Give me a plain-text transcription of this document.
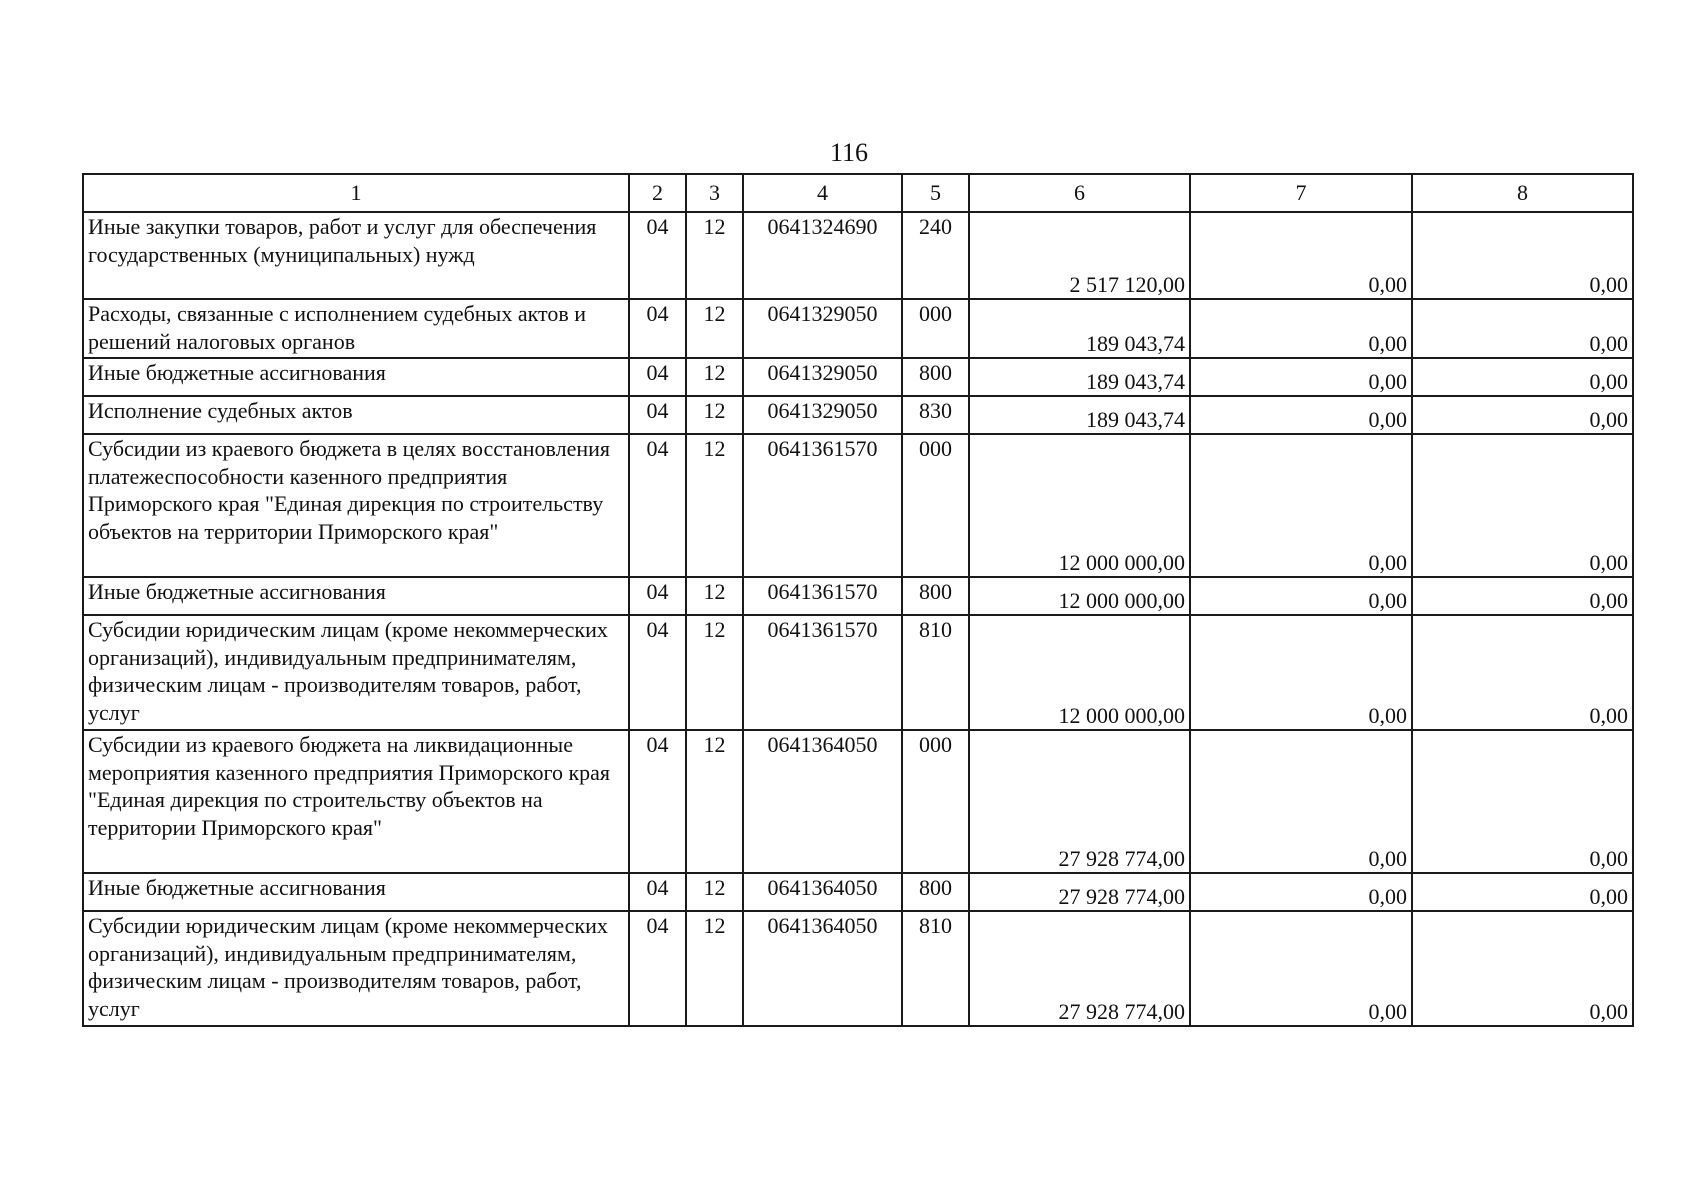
116
1	2	3	4	5	6	7	8
Иные закупки товаров, работ и услуг для обеспечения государственных (муниципальных) нужд	04	12	0641324690	240	2 517 120,00	0,00	0,00
Расходы, связанные с исполнением судебных актов и решений налоговых органов	04	12	0641329050	000	189 043,74	0,00	0,00
Иные бюджетные ассигнования	04	12	0641329050	800	189 043,74	0,00	0,00
Исполнение судебных актов	04	12	0641329050	830	189 043,74	0,00	0,00
Субсидии из краевого бюджета в целях восстановления платежеспособности казенного предприятия Приморского края "Единая дирекция по строительству объектов на территории Приморского края"	04	12	0641361570	000	12 000 000,00	0,00	0,00
Иные бюджетные ассигнования	04	12	0641361570	800	12 000 000,00	0,00	0,00
Субсидии юридическим лицам (кроме некоммерческих организаций), индивидуальным предпринимателям, физическим лицам - производителям товаров, работ, услуг	04	12	0641361570	810	12 000 000,00	0,00	0,00
Субсидии из краевого бюджета на ликвидационные мероприятия казенного предприятия Приморского края "Единая дирекция по строительству объектов на территории Приморского края"	04	12	0641364050	000	27 928 774,00	0,00	0,00
Иные бюджетные ассигнования	04	12	0641364050	800	27 928 774,00	0,00	0,00
Субсидии юридическим лицам (кроме некоммерческих организаций), индивидуальным предпринимателям, физическим лицам - производителям товаров, работ, услуг	04	12	0641364050	810	27 928 774,00	0,00	0,00
